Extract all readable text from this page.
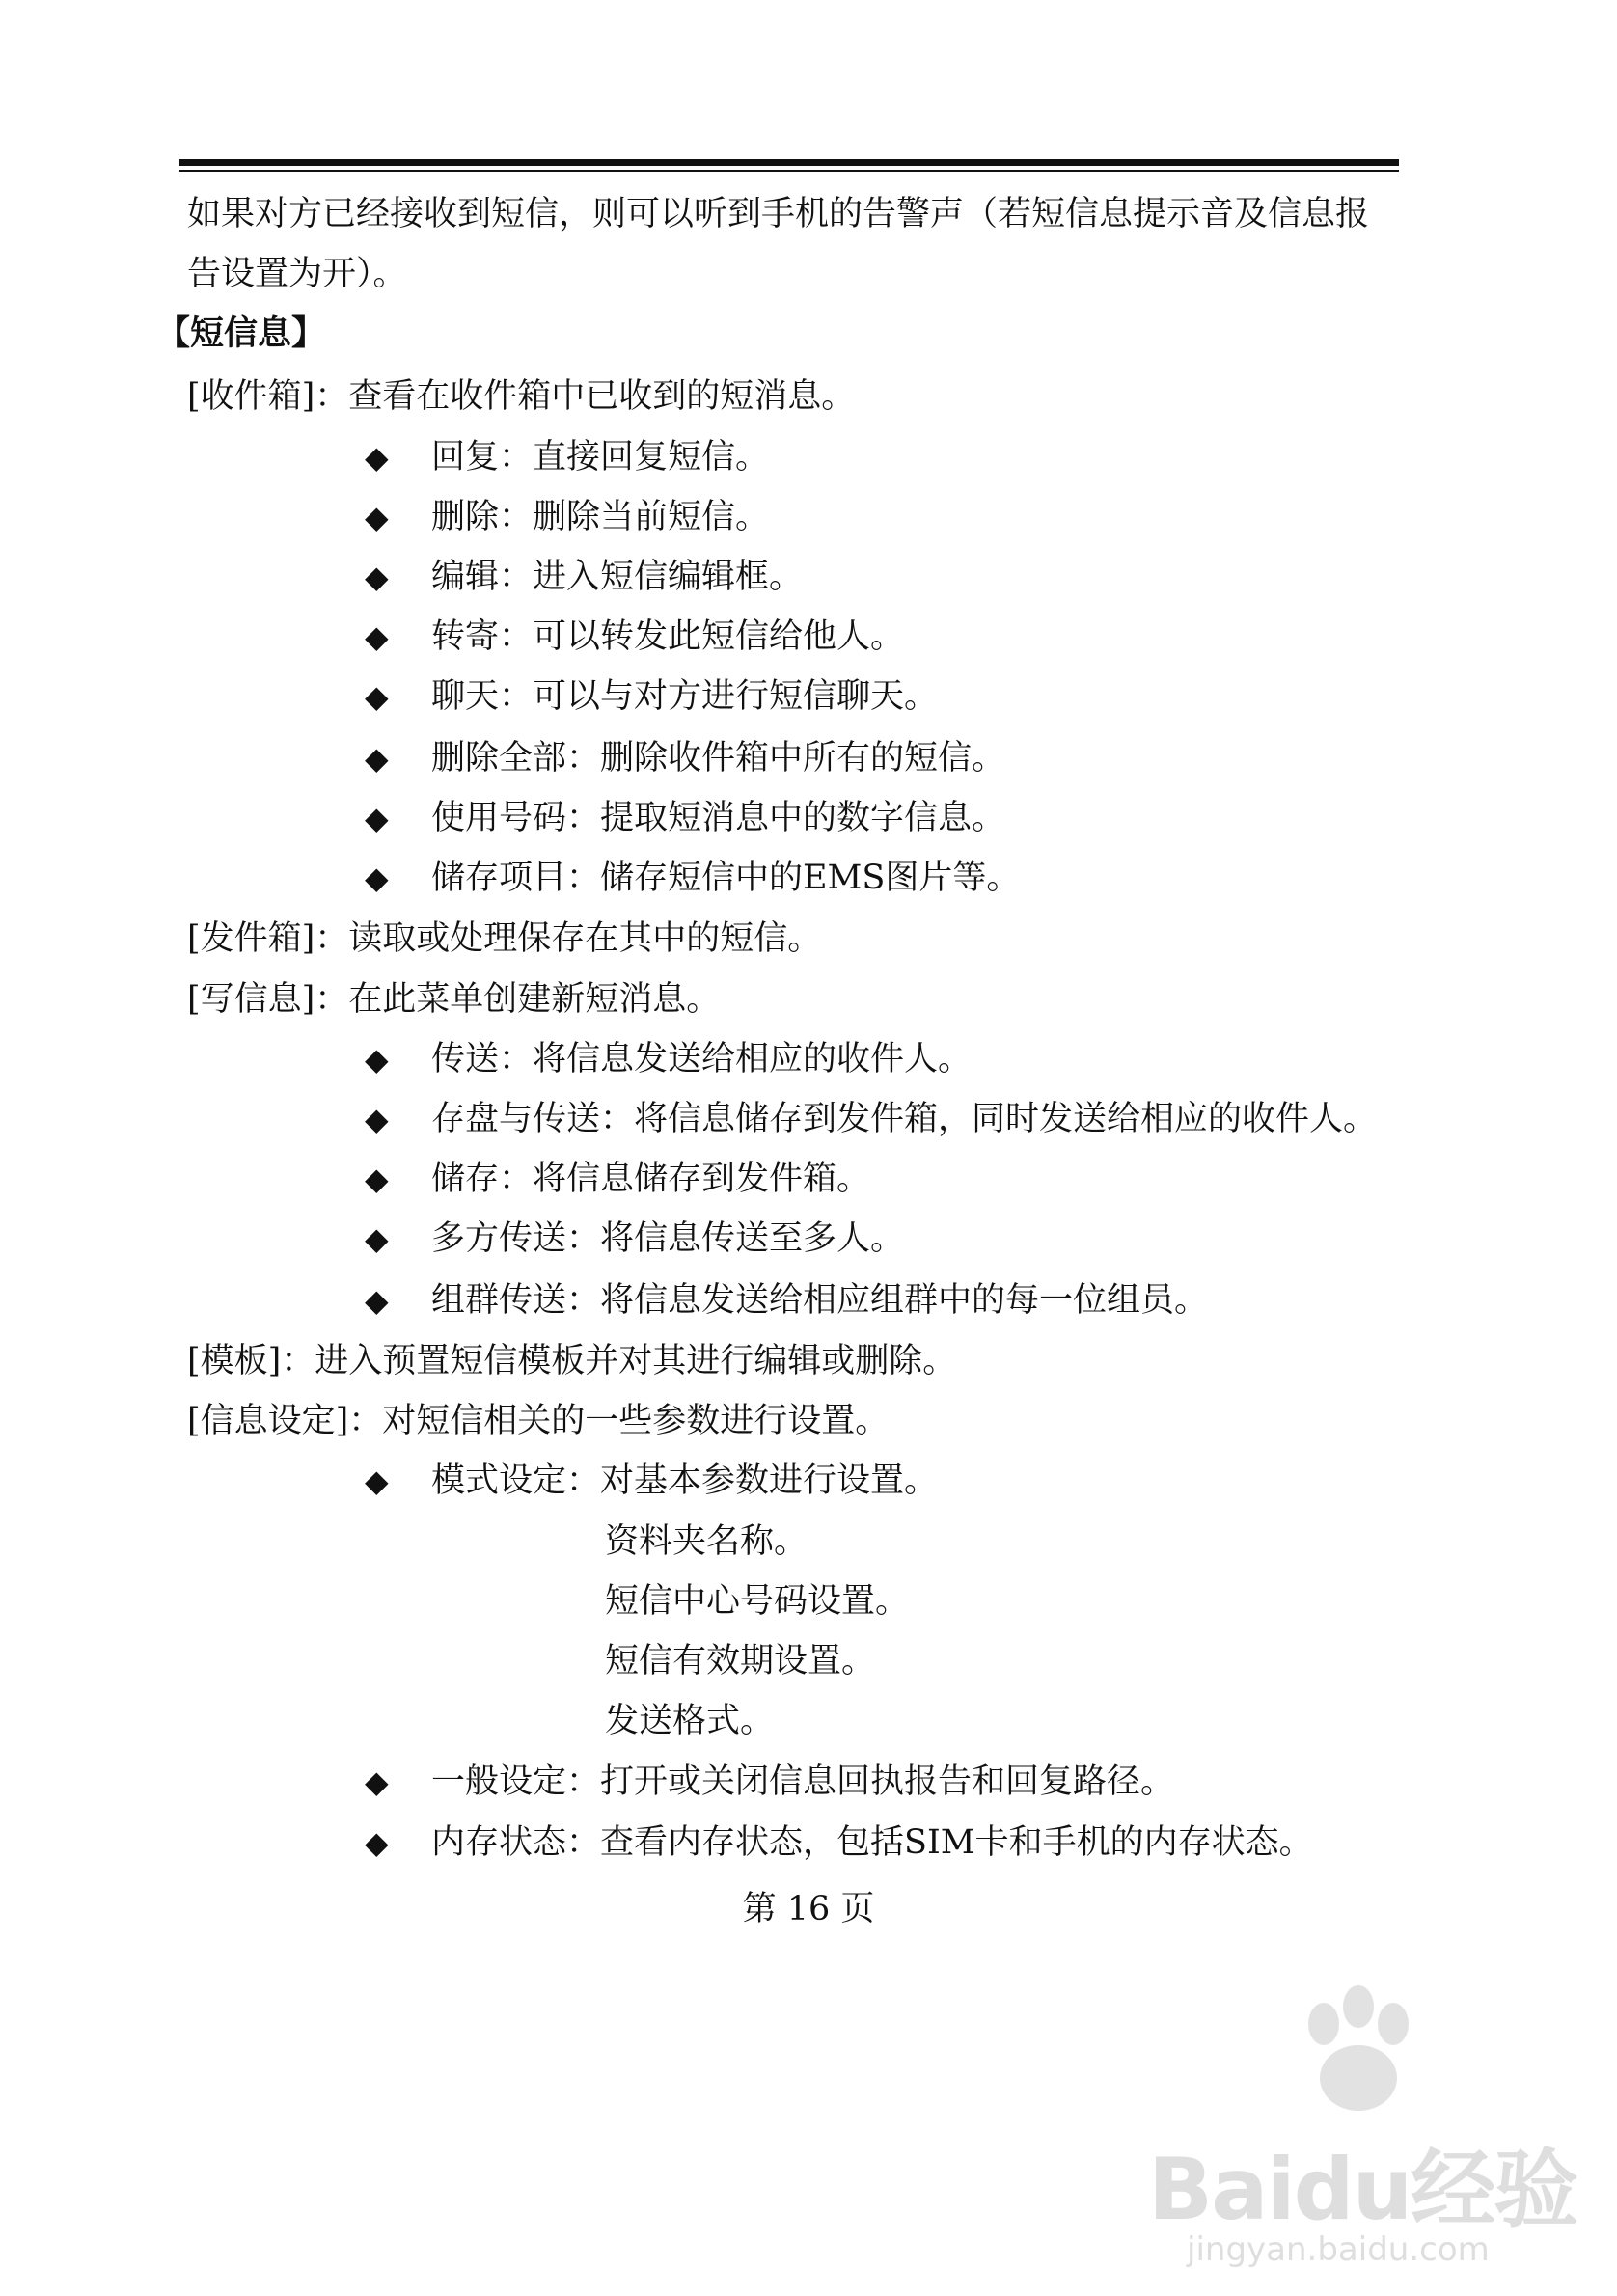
如果对方已经接收到短信，则可以听到手机的告警声（若短信息提示音及信息报
告设置为开）。
【短信息】
[收件箱]：查看在收件箱中已收到的短消息。
◆ 回复：直接回复短信。
◆ 删除：删除当前短信。
◆ 编辑：进入短信编辑框。
◆ 转寄：可以转发此短信给他人。
◆ 聊天：可以与对方进行短信聊天。
◆ 删除全部：删除收件箱中所有的短信。
◆ 使用号码：提取短消息中的数字信息。
◆ 储存项目：储存短信中的EMS图片等。
[发件箱]：读取或处理保存在其中的短信。
[写信息]：在此菜单创建新短消息。
◆ 传送：将信息发送给相应的收件人。
◆ 存盘与传送：将信息储存到发件箱，同时发送给相应的收件人。
◆ 储存：将信息储存到发件箱。
◆ 多方传送：将信息传送至多人。
◆ 组群传送：将信息发送给相应组群中的每一位组员。
[模板]：进入预置短信模板并对其进行编辑或删除。
[信息设定]：对短信相关的一些参数进行设置。
◆ 模式设定：对基本参数进行设置。
资料夹名称。
短信中心号码设置。
短信有效期设置。
发送格式。
◆ 一般设定：打开或关闭信息回执报告和回复路径。
◆ 内存状态：查看内存状态，包括SIM卡和手机的内存状态。
第 16 页
Baidu经验
jingyan.baidu.com
